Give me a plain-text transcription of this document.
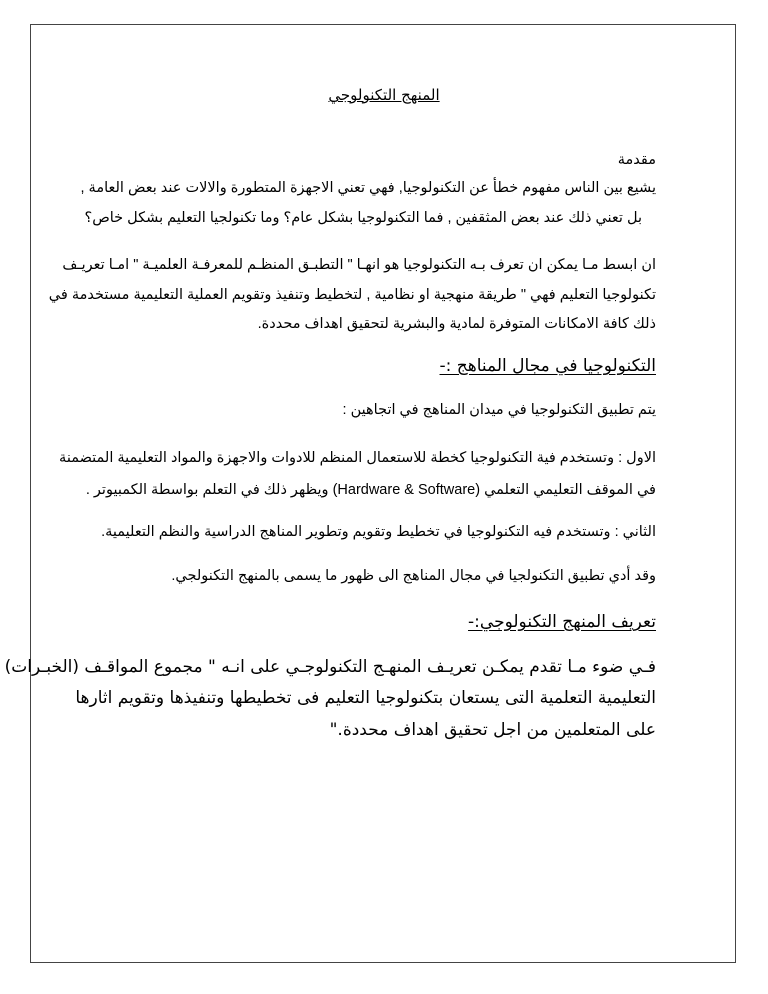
المنهج التكنولوجي
مقدمة
يشيع بين الناس مفهوم خطأ عن التكنولوجيا, فهي تعني الاجهزة المتطورة والالات عند بعض العامة ,
بل تعني ذلك عند بعض المثقفين , فما التكنولوجيا بشكل عام؟ وما تكنولجيا التعليم بشكل خاص؟
ان ابسط مـا يمكن ان تعرف بـه التكنولوجيا هو انهـا " التطبـق المنظـم للمعرفـة العلميـة " امـا تعريـف
تكنولوجيا التعليم فهي " طريقة منهجية او نظامية , لتخطيط وتنفيذ وتقويم العملية التعليمية مستخدمة في
ذلك كافة الامكانات المتوفرة لمادية والبشرية لتحقيق اهداف محددة.
التكنولوجيا في مجال المناهج :-
يتم تطبيق التكنولوجيا في ميدان المناهج في اتجاهين :
الاول : وتستخدم فية التكنولوجيا كخطة للاستعمال المنظم للادوات والاجهزة والمواد التعليمية المتضمنة
في الموقف التعليمي التعلمي (Hardware & Software) ويظهر ذلك في التعلم بواسطة الكمبيوتر .
الثاني : وتستخدم فيه التكنولوجيا في تخطيط وتقويم وتطوير المناهج الدراسية والنظم التعليمية.
وقد أدي تطبيق التكنولجيا في مجال المناهج الى ظهور ما يسمى بالمنهج التكنولجي.
تعريف المنهج التكنولوجي:-
فـي ضوء مـا تقدم يمكـن تعريـف المنهـج التكنولوجـي على انـه " مجموع المواقـف (الخبـرات)
التعليمية التعلمية التى يستعان بتكنولوجيا التعليم فى تخطيطها وتنفيذها وتقويم اثارها
على المتعلمين من اجل تحقيق اهداف محددة."
